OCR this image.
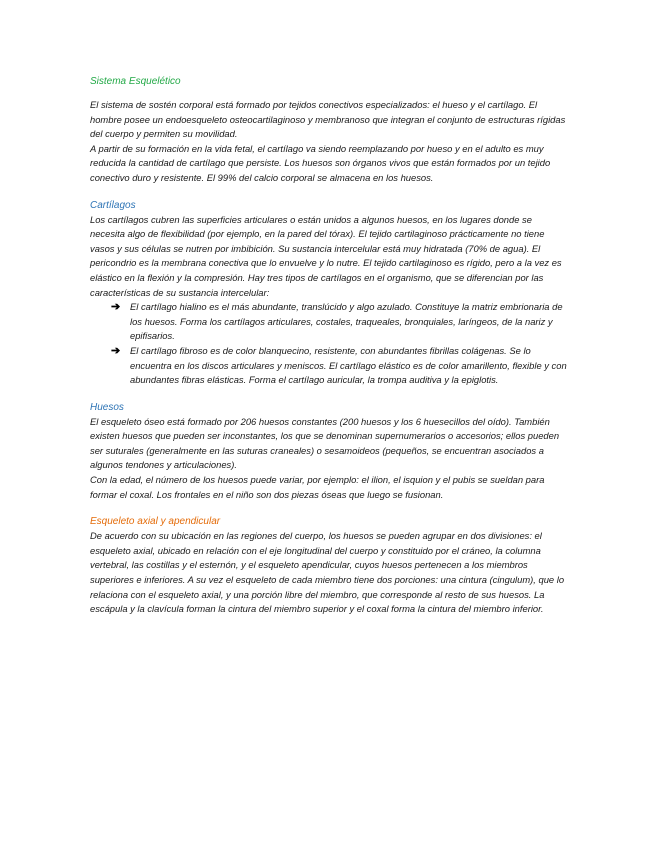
Sistema Esquelético

El sistema de sostén corporal está formado por tejidos conectivos especializados: el hueso y el cartílago. El hombre posee un endoesqueleto osteocartilaginoso y membranoso que integran el conjunto de estructuras rígidas del cuerpo y permiten su movilidad.

A partir de su formación en la vida fetal, el cartílago va siendo reemplazando por hueso y en el adulto es muy reducida la cantidad de cartílago que persiste. Los huesos son órganos vivos que están formados por un tejido conectivo duro y resistente. El 99% del calcio corporal se almacena en los huesos.

Cartílagos

Los cartílagos cubren las superficies articulares o están unidos a algunos huesos, en los lugares donde se necesita algo de flexibilidad (por ejemplo, en la pared del tórax). El tejido cartilaginoso prácticamente no tiene vasos y sus células se nutren por imbibición. Su sustancia intercelular está muy hidratada (70% de agua). El pericondrio es la membrana conectiva que lo envuelve y lo nutre. El tejido cartilaginoso es rígido, pero a la vez es elástico en la flexión y la compresión. Hay tres tipos de cartílagos en el organismo, que se diferencian por las características de su sustancia intercelular:

➔ El cartílago hialino es el más abundante, translúcido y algo azulado. Constituye la matriz embrionaria de los huesos. Forma los cartílagos articulares, costales, traqueales, bronquiales, laríngeos, de la nariz y epifisarios.
➔ El cartílago fibroso es de color blanquecino, resistente, con abundantes fibrillas colágenas. Se lo encuentra en los discos articulares y meniscos. El cartílago elástico es de color amarillento, flexible y con abundantes fibras elásticas. Forma el cartílago auricular, la trompa auditiva y la epiglotis.

Huesos

El esqueleto óseo está formado por 206 huesos constantes (200 huesos y los 6 huesecillos del oído). También existen huesos que pueden ser inconstantes, los que se denominan supernumerarios o accesorios; ellos pueden ser suturales (generalmente en las suturas craneales) o sesamoideos (pequeños, se encuentran asociados a algunos tendones y articulaciones).

Con la edad, el número de los huesos puede variar, por ejemplo: el ilion, el isquion y el pubis se sueldan para formar el coxal. Los frontales en el niño son dos piezas óseas que luego se fusionan.

Esqueleto axial y apendicular

De acuerdo con su ubicación en las regiones del cuerpo, los huesos se pueden agrupar en dos divisiones: el esqueleto axial, ubicado en relación con el eje longitudinal del cuerpo y constituido por el cráneo, la columna vertebral, las costillas y el esternón, y el esqueleto apendicular, cuyos huesos pertenecen a los miembros superiores e inferiores. A su vez el esqueleto de cada miembro tiene dos porciones: una cintura (cingulum), que lo relaciona con el esqueleto axial, y una porción libre del miembro, que corresponde al resto de sus huesos. La escápula y la clavícula forman la cintura del miembro superior y el coxal forma la cintura del miembro inferior.
